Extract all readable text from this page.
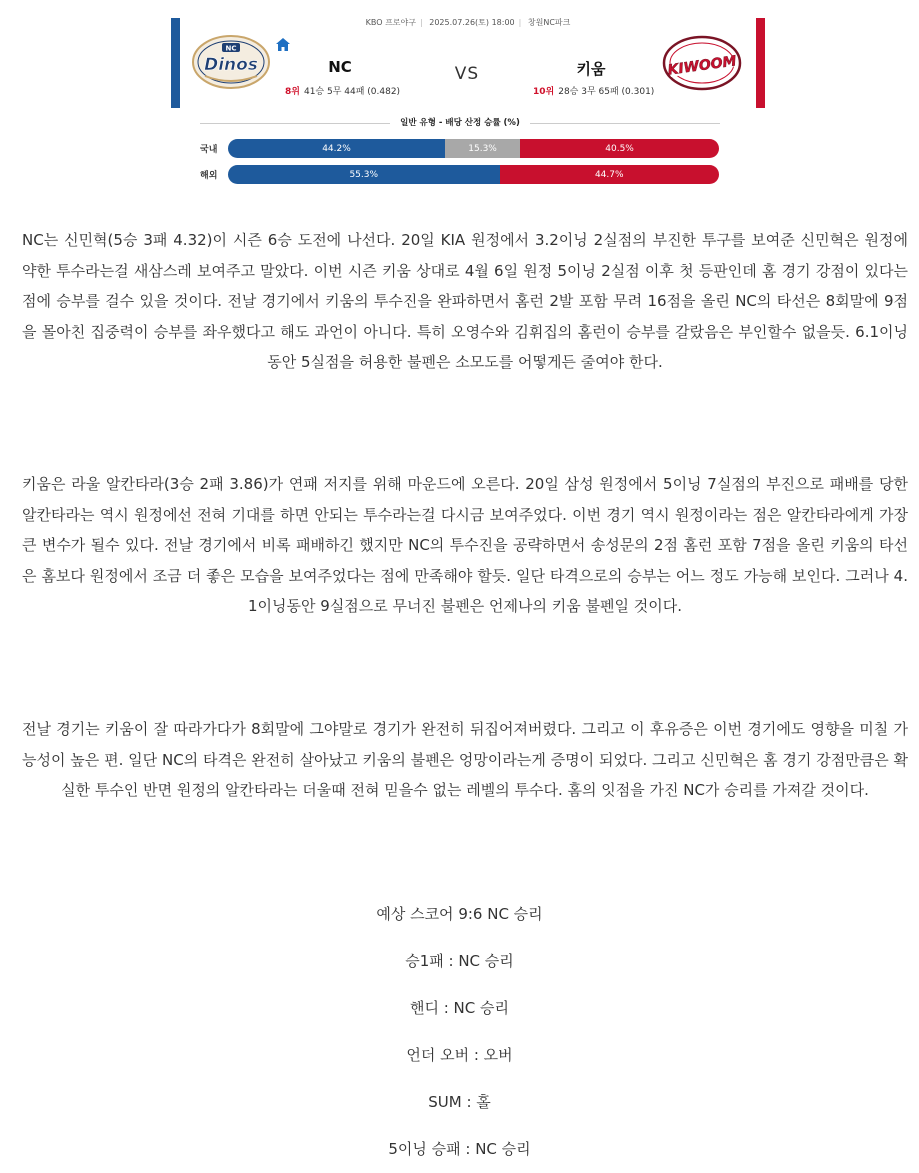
KBO 프로야구 | 2025.07.26(토) 18:00 | 창원NC파크
NC
Dinos	NC	VS	키움
8위 41승 5무 44패 (0.482)	10위 28승 3무 65패 (0.301)
KIWOOM
일반 유형 - 배당 산정 승률 (%)
국내	44.2%	15.3%	40.5%
해외	55.3%	44.7%

NC는 신민혁(5승 3패 4.32)이 시즌 6승 도전에 나선다. 20일 KIA 원정에서 3.2이닝 2실점의 부진한 투구를 보여준 신민혁은 원정에 약한 투수라는걸 새삼스레 보여주고 말았다. 이번 시즌 키움 상대로 4월 6일 원정 5이닝 2실점 이후 첫 등판인데 홈 경기 강점이 있다는 점에 승부를 걸수 있을 것이다. 전날 경기에서 키움의 투수진을 완파하면서 홈런 2발 포함 무려 16점을 올린 NC의 타선은 8회말에 9점을 몰아친 집중력이 승부를 좌우했다고 해도 과언이 아니다. 특히 오영수와 김휘집의 홈런이 승부를 갈랐음은 부인할수 없을듯. 6.1이닝동안 5실점을 허용한 불펜은 소모도를 어떻게든 줄여야 한다.

키움은 라울 알칸타라(3승 2패 3.86)가 연패 저지를 위해 마운드에 오른다. 20일 삼성 원정에서 5이닝 7실점의 부진으로 패배를 당한 알칸타라는 역시 원정에선 전혀 기대를 하면 안되는 투수라는걸 다시금 보여주었다. 이번 경기 역시 원정이라는 점은 알칸타라에게 가장 큰 변수가 될수 있다. 전날 경기에서 비록 패배하긴 했지만 NC의 투수진을 공략하면서 송성문의 2점 홈런 포함 7점을 올린 키움의 타선은 홈보다 원정에서 조금 더 좋은 모습을 보여주었다는 점에 만족해야 할듯. 일단 타격으로의 승부는 어느 정도 가능해 보인다. 그러나 4.1이닝동안 9실점으로 무너진 불펜은 언제나의 키움 불펜일 것이다.

전날 경기는 키움이 잘 따라가다가 8회말에 그야말로 경기가 완전히 뒤집어져버렸다. 그리고 이 후유증은 이번 경기에도 영향을 미칠 가능성이 높은 편. 일단 NC의 타격은 완전히 살아났고 키움의 불펜은 엉망이라는게 증명이 되었다. 그리고 신민혁은 홈 경기 강점만큼은 확실한 투수인 반면 원정의 알칸타라는 더울때 전혀 믿을수 없는 레벨의 투수다. 홈의 잇점을 가진 NC가 승리를 가져갈 것이다.

예상 스코어 9:6 NC 승리
승1패 : NC 승리
핸디 : NC 승리
언더 오버 : 오버
SUM : 홀
5이닝 승패 : NC 승리
